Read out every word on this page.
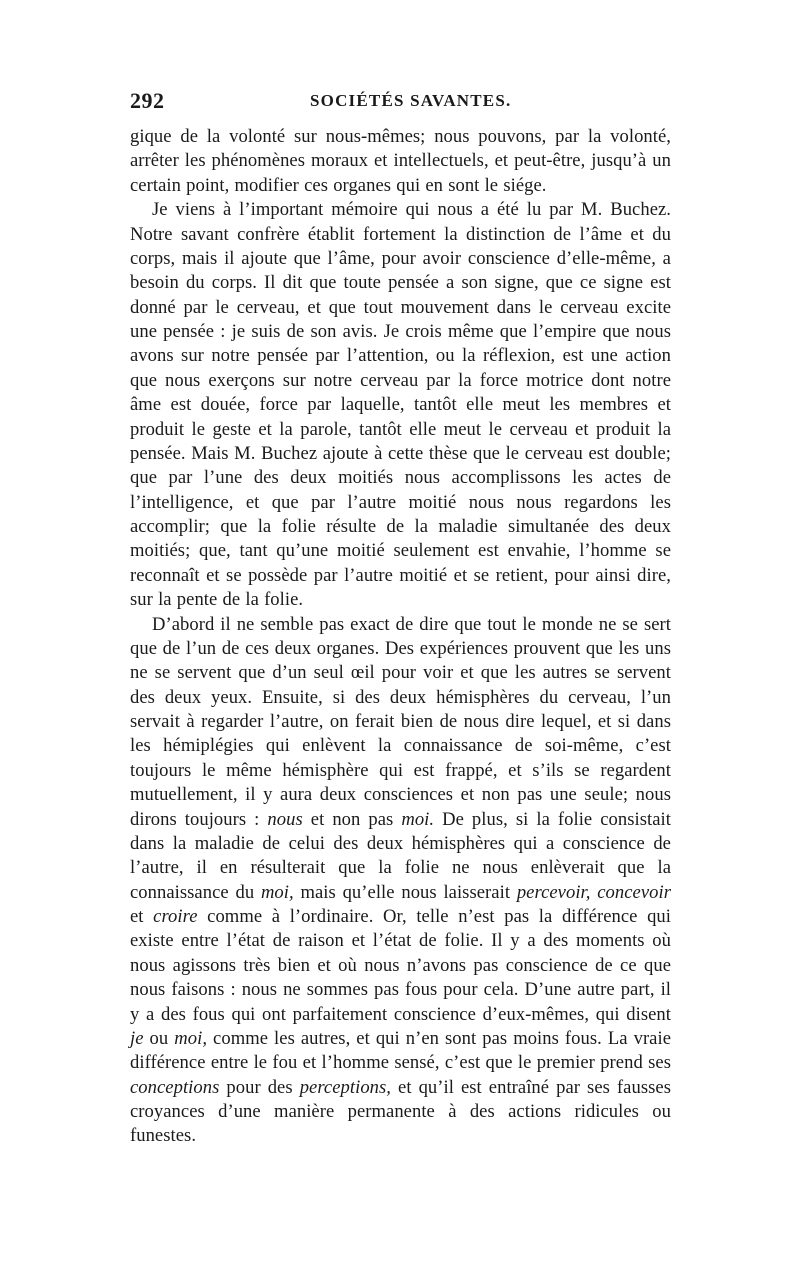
292	SOCIÉTÉS SAVANTES.

gique de la volonté sur nous-mêmes; nous pouvons, par la volonté, arrêter les phénomènes moraux et intellectuels, et peut-être, jusqu’à un certain point, modifier ces organes qui en sont le siége.

Je viens à l’important mémoire qui nous a été lu par M. Buchez. Notre savant confrère établit fortement la distinction de l’âme et du corps, mais il ajoute que l’âme, pour avoir conscience d’elle-même, a besoin du corps. Il dit que toute pensée a son signe, que ce signe est donné par le cerveau, et que tout mouvement dans le cerveau excite une pensée : je suis de son avis. Je crois même que l’empire que nous avons sur notre pensée par l’attention, ou la réflexion, est une action que nous exerçons sur notre cerveau par la force motrice dont notre âme est douée, force par laquelle, tantôt elle meut les membres et produit le geste et la parole, tantôt elle meut le cerveau et produit la pensée. Mais M. Buchez ajoute à cette thèse que le cerveau est double; que par l’une des deux moitiés nous accomplissons les actes de l’intelligence, et que par l’autre moitié nous nous regardons les accomplir; que la folie résulte de la maladie simultanée des deux moitiés; que, tant qu’une moitié seulement est envahie, l’homme se reconnaît et se possède par l’autre moitié et se retient, pour ainsi dire, sur la pente de la folie.

D’abord il ne semble pas exact de dire que tout le monde ne se sert que de l’un de ces deux organes. Des expériences prouvent que les uns ne se servent que d’un seul œil pour voir et que les autres se servent des deux yeux. Ensuite, si des deux hémisphères du cerveau, l’un servait à regarder l’autre, on ferait bien de nous dire lequel, et si dans les hémiplégies qui enlèvent la connaissance de soi-même, c’est toujours le même hémisphère qui est frappé, et s’ils se regardent mutuellement, il y aura deux consciences et non pas une seule; nous dirons toujours : nous et non pas moi. De plus, si la folie consistait dans la maladie de celui des deux hémisphères qui a conscience de l’autre, il en résulterait que la folie ne nous enlèverait que la connaissance du moi, mais qu’elle nous laisserait percevoir, concevoir et croire comme à l’ordinaire. Or, telle n’est pas la différence qui existe entre l’état de raison et l’état de folie. Il y a des moments où nous agissons très bien et où nous n’avons pas conscience de ce que nous faisons : nous ne sommes pas fous pour cela. D’une autre part, il y a des fous qui ont parfaitement conscience d’eux-mêmes, qui disent je ou moi, comme les autres, et qui n’en sont pas moins fous. La vraie différence entre le fou et l’homme sensé, c’est que le premier prend ses conceptions pour des perceptions, et qu’il est entraîné par ses fausses croyances d’une manière permanente à des actions ridicules ou funestes.
